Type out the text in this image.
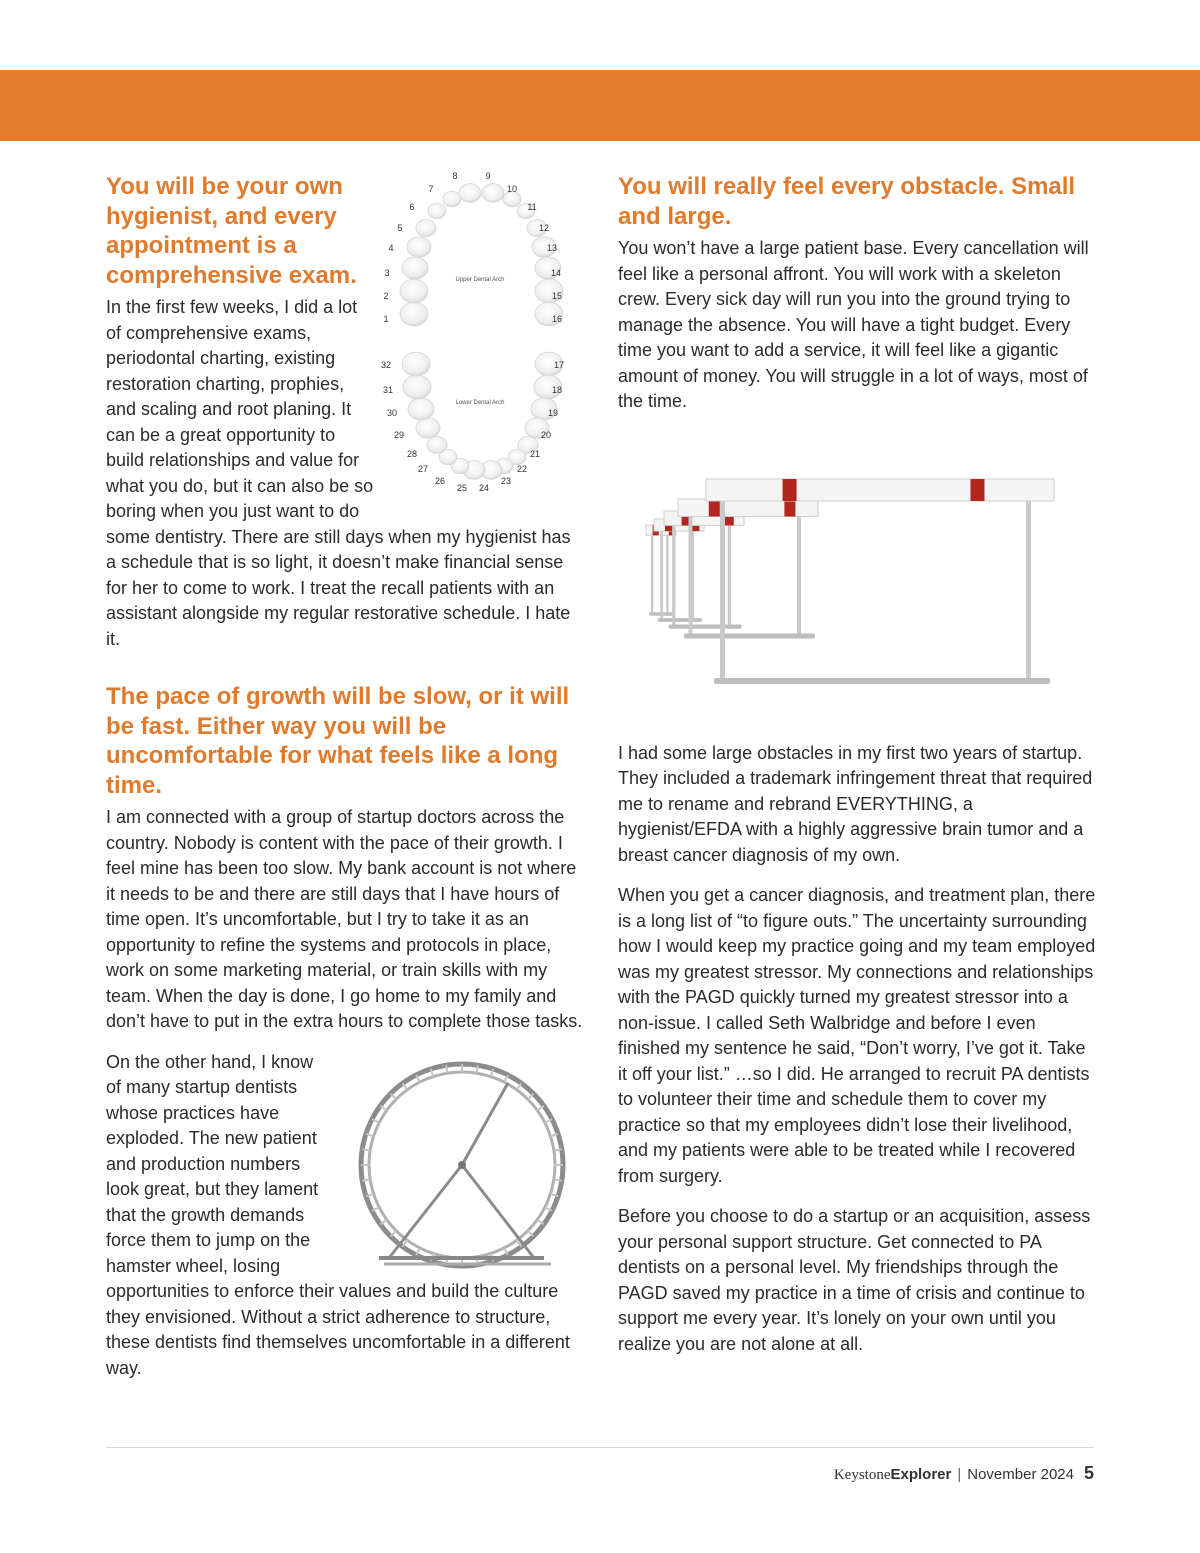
Upper Dental Arch
Lower Dental Arch
1
2
3
4
5
6
7
8	9
10
11
12
13
14
15
16
17
18
19
20
21
22
23
24
25
26
27
28
29
30
31
32
You will be your own hygienist, and every appointment is a comprehensive exam.

In the first few weeks, I did a lot of comprehensive exams, periodontal charting, existing restoration charting, prophies, and scaling and root planing. It can be a great opportunity to build relationships and value for what you do, but it can also be so boring when you just want to do some dentistry. There are still days when my hygienist has a schedule that is so light, it doesn’t make financial sense for her to come to work. I treat the recall patients with an assistant alongside my regular restorative schedule. I hate it.

The pace of growth will be slow, or it will be fast. Either way you will be uncomfortable for what feels like a long time.

I am connected with a group of startup doctors across the country. Nobody is content with the pace of their growth. I feel mine has been too slow. My bank account is not where it needs to be and there are still days that I have hours of time open. It’s uncomfortable, but I try to take it as an opportunity to refine the systems and protocols in place, work on some marketing material, or train skills with my team. When the day is done, I go home to my family and don’t have to put in the extra hours to complete those tasks.

On the other hand, I know of many startup dentists whose practices have exploded. The new patient and production numbers look great, but they lament that the growth demands force them to jump on the hamster wheel, losing opportunities to enforce their values and build the culture they envisioned. Without a strict adherence to structure, these dentists find themselves uncomfortable in a different way.

You will really feel every obstacle. Small and large.

You won’t have a large patient base. Every cancellation will feel like a personal affront. You will work with a skeleton crew. Every sick day will run you into the ground trying to manage the absence. You will have a tight budget. Every time you want to add a service, it will feel like a gigantic amount of money. You will struggle in a lot of ways, most of the time.

I had some large obstacles in my first two years of startup. They included a trademark infringement threat that required me to rename and rebrand EVERYTHING, a hygienist/EFDA with a highly aggressive brain tumor and a breast cancer diagnosis of my own.

When you get a cancer diagnosis, and treatment plan, there is a long list of “to figure outs.” The uncertainty surrounding how I would keep my practice going and my team employed was my greatest stressor. My connections and relationships with the PAGD quickly turned my greatest stressor into a non-issue. I called Seth Walbridge and before I even finished my sentence he said, “Don’t worry, I’ve got it. Take it off your list.” …so I did. He arranged to recruit PA dentists to volunteer their time and schedule them to cover my practice so that my employees didn’t lose their livelihood, and my patients were able to be treated while I recovered from surgery.

Before you choose to do a startup or an acquisition, assess your personal support structure. Get connected to PA dentists on a personal level. My friendships through the PAGD saved my practice in a time of crisis and continue to support me every year. It’s lonely on your own until you realize you are not alone at all.

Keystone Explorer | November 2024 5
